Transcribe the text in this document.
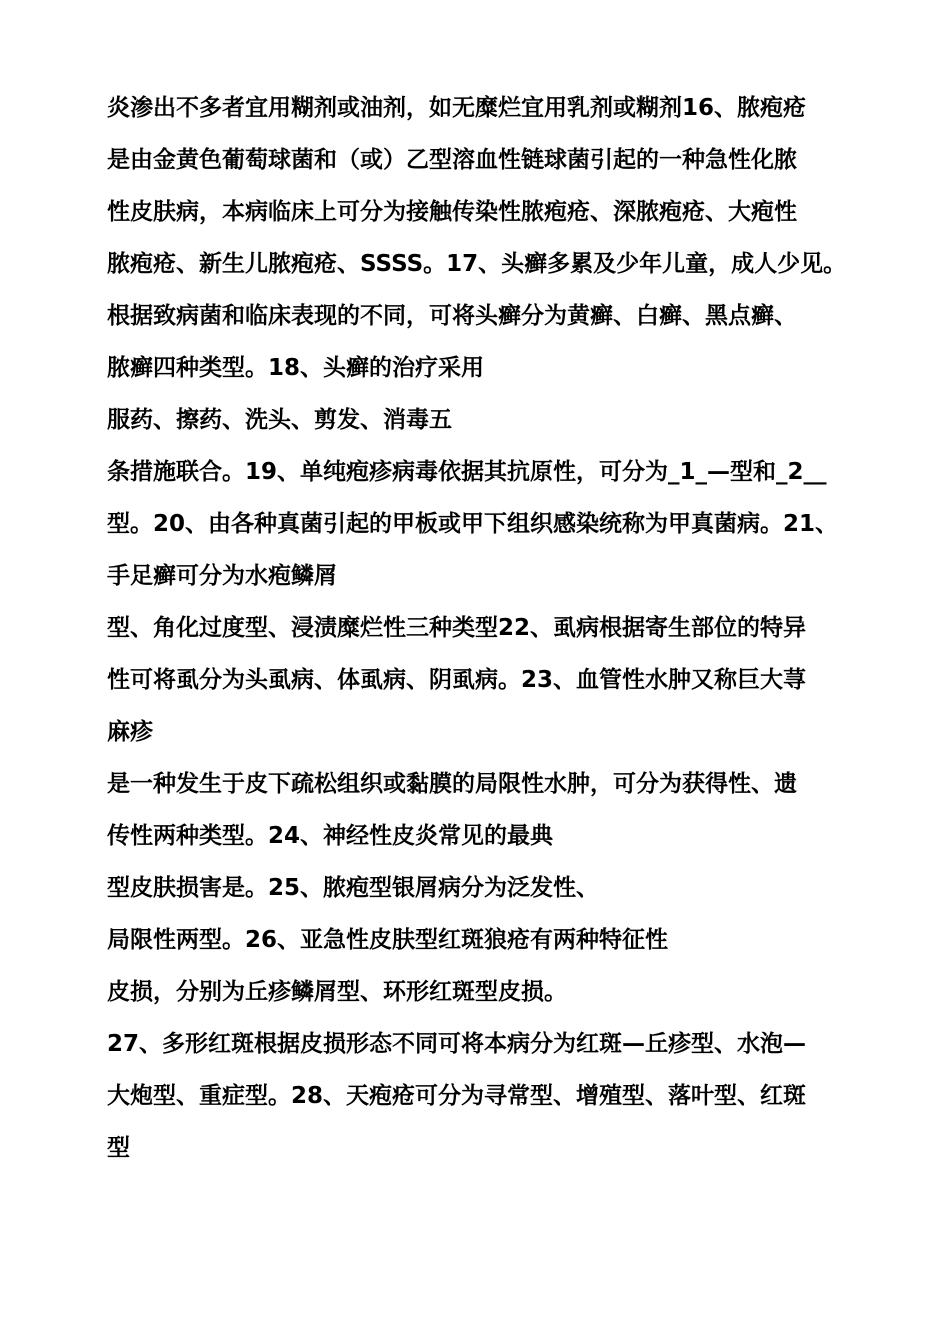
炎渗出不多者宜用糊剂或油剂，如无糜烂宜用乳剂或糊剂16、脓疱疮
是由金黄色葡萄球菌和（或）乙型溶血性链球菌引起的一种急性化脓
性皮肤病，本病临床上可分为接触传染性脓疱疮、深脓疱疮、大疱性
脓疱疮、新生儿脓疱疮、SSSS。17、头癣多累及少年儿童，成人少见。
根据致病菌和临床表现的不同，可将头癣分为黄癣、白癣、黑点癣、
脓癣四种类型。18、头癣的治疗采用
服药、擦药、洗头、剪发、消毒五
条措施联合。19、单纯疱疹病毒依据其抗原性，可分为_1_—型和_2__
型。20、由各种真菌引起的甲板或甲下组织感染统称为甲真菌病。21、
手足癣可分为水疱鳞屑
型、角化过度型、浸渍糜烂性三种类型22、虱病根据寄生部位的特异
性可将虱分为头虱病、体虱病、阴虱病。23、血管性水肿又称巨大荨
麻疹
是一种发生于皮下疏松组织或黏膜的局限性水肿，可分为获得性、遗
传性两种类型。24、神经性皮炎常见的最典
型皮肤损害是。25、脓疱型银屑病分为泛发性、
局限性两型。26、亚急性皮肤型红斑狼疮有两种特征性
皮损，分别为丘疹鳞屑型、环形红斑型皮损。
27、多形红斑根据皮损形态不同可将本病分为红斑—丘疹型、水泡—
大炮型、重症型。28、天疱疮可分为寻常型、增殖型、落叶型、红斑
型
